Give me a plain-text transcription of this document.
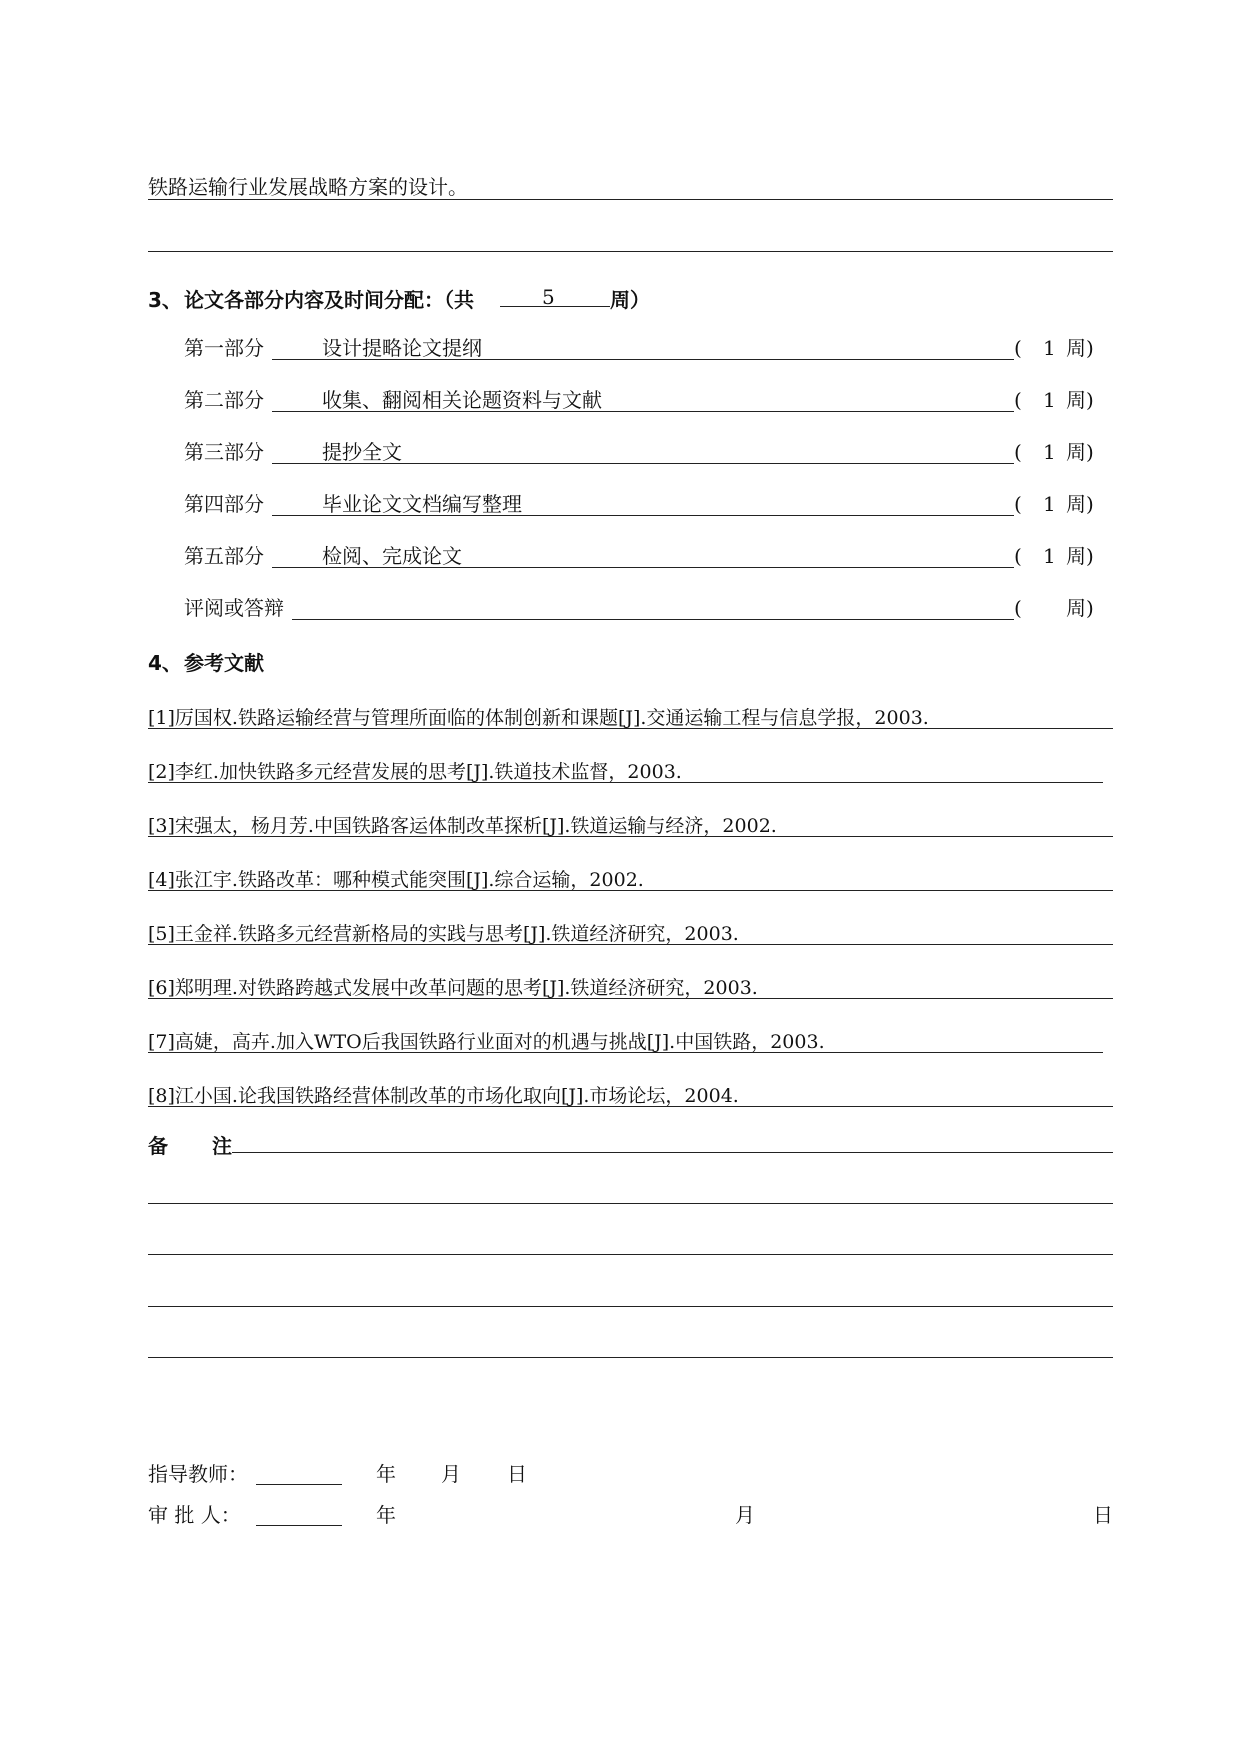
铁路运输行业发展战略方案的设计。
3、 论文各部分内容及时间分配：（共	5	周）
第一部分	设计提略论文提纲	( 1 周)
第二部分	收集、翻阅相关论题资料与文献	( 1 周)
第三部分	提抄全文	( 1 周)
第四部分	毕业论文文档编写整理	( 1 周)
第五部分	检阅、完成论文	( 1 周)
评阅或答辩	( 周)
4、 参考文献
[1]厉国权.铁路运输经营与管理所面临的体制创新和课题[J].交通运输工程与信息学报，2003.
[2]李红.加快铁路多元经营发展的思考[J].铁道技术监督，2003.
[3]宋强太，杨月芳.中国铁路客运体制改革探析[J].铁道运输与经济，2002.
[4]张江宇.铁路改革：哪种模式能突围[J].综合运输，2002.
[5]王金祥.铁路多元经营新格局的实践与思考[J].铁道经济研究，2003.
[6]郑明理.对铁路跨越式发展中改革问题的思考[J].铁道经济研究，2003.
[7]高婕，高卉.加入WTO后我国铁路行业面对的机遇与挑战[J].中国铁路，2003.
[8]江小国.论我国铁路经营体制改革的市场化取向[J].市场论坛，2004.
备 注
指导教师：	年 月 日
审 批 人：	年	月	日
